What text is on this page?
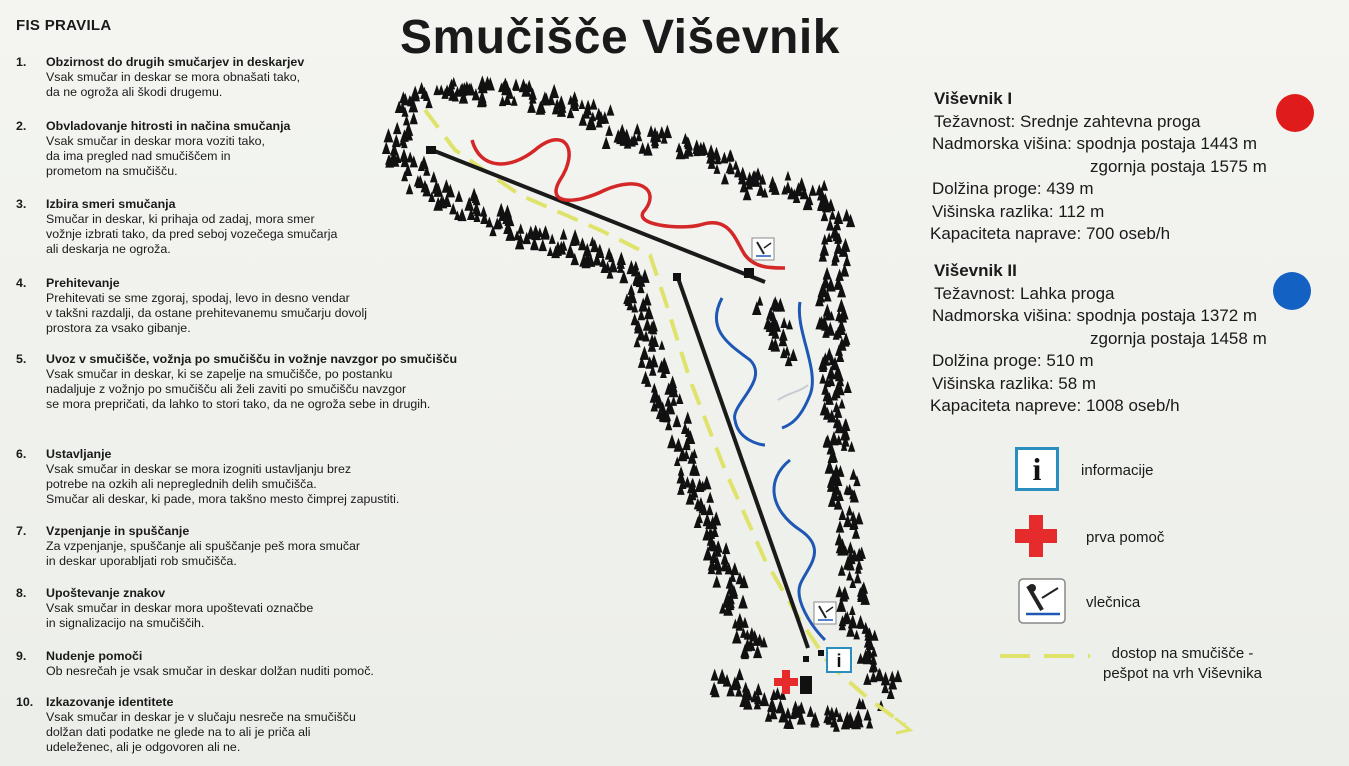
FIS PRAVILA
1.	Obzirnost do drugih smučarjev in deskarjev
Vsak smučar in deskar se mora obnašati tako,
da ne ogroža ali škodi drugemu.
2.	Obvladovanje hitrosti in načina smučanja
Vsak smučar in deskar mora voziti tako,
da ima pregled nad smučiščem in
prometom na smučišču.
3.	Izbira smeri smučanja
Smučar in deskar, ki prihaja od zadaj, mora smer
vožnje izbrati tako, da pred seboj vozečega smučarja
ali deskarja ne ogroža.
4.	Prehitevanje
Prehitevati se sme zgoraj, spodaj, levo in desno vendar
v takšni razdalji, da ostane prehitevanemu smučarju dovolj
prostora za vsako gibanje.
5.	Uvoz v smučišče, vožnja po smučišču in vožnje navzgor po smučišču
Vsak smučar in deskar, ki se zapelje na smučišče, po postanku
nadaljuje z vožnjo po smučišču ali želi zaviti po smučišču navzgor
se mora prepričati, da lahko to stori tako, da ne ogroža sebe in drugih.
6.	Ustavljanje
Vsak smučar in deskar se mora izogniti ustavljanju brez
potrebe na ozkih ali nepreglednih delih smučišča.
Smučar ali deskar, ki pade, mora takšno mesto čimprej zapustiti.
7.	Vzpenjanje in spuščanje
Za vzpenjanje, spuščanje ali spuščanje peš mora smučar
in deskar uporabljati rob smučišča.
8.	Upoštevanje znakov
Vsak smučar in deskar mora upoštevati označbe
in signalizacijo na smučiščih.
9.	Nudenje pomoči
Ob nesrečah je vsak smučar in deskar dolžan nuditi pomoč.
10.	Izkazovanje identitete
Vsak smučar in deskar je v slučaju nesreče na smučišču
dolžan dati podatke ne glede na to ali je priča ali
udeleženec, ali je odgovoren ali ne.
Smučišče Viševnik
i
Viševnik I
Težavnost: Srednje zahtevna proga
Nadmorska višina: spodnja postaja 1443 m
zgornja postaja 1575 m
Dolžina proge: 439 m
Višinska razlika: 112 m
Kapaciteta naprave: 700 oseb/h
Viševnik II
Težavnost: Lahka proga
Nadmorska višina: spodnja postaja 1372 m
zgornja postaja 1458 m
Dolžina proge: 510 m
Višinska razlika: 58 m
Kapaciteta napreve: 1008 oseb/h
i	informacije
prva pomoč
vlečnica
dostop na smučišče -
pešpot na vrh Viševnika
